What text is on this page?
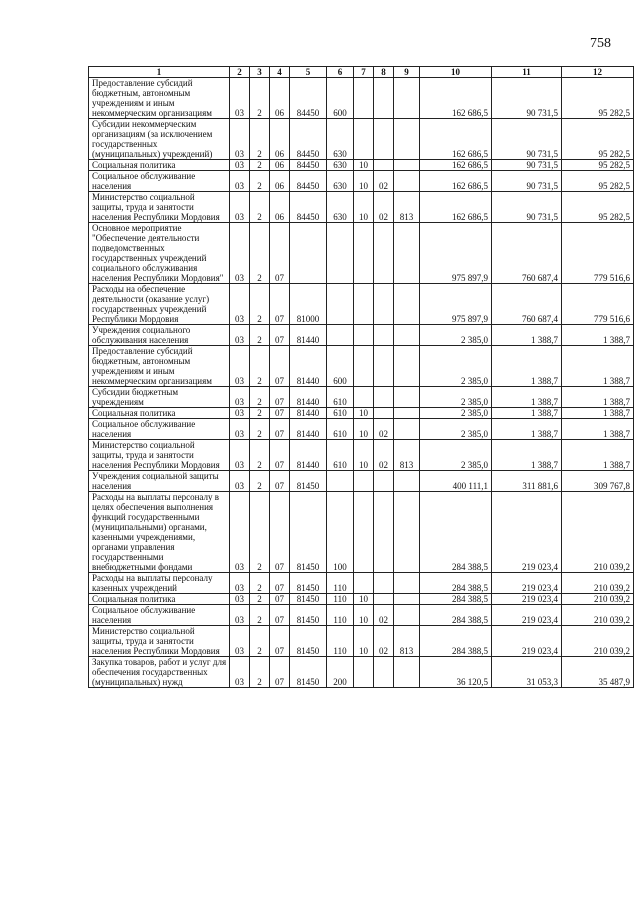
758
1	2	3	4	5	6	7	8	9	10	11	12
Предоставление субсидий бюджетным, автономным учреждениям и иным некоммерческим организациям	03	2	06	84450	600				162 686,5	90 731,5	95 282,5
Субсидии некоммерческим организациям (за исключением государственных (муниципальных) учреждений)	03	2	06	84450	630				162 686,5	90 731,5	95 282,5
Социальная политика	03	2	06	84450	630	10			162 686,5	90 731,5	95 282,5
Социальное обслуживание населения	03	2	06	84450	630	10	02		162 686,5	90 731,5	95 282,5
Министерство социальной защиты, труда и занятости населения Республики Мордовия	03	2	06	84450	630	10	02	813	162 686,5	90 731,5	95 282,5
Основное мероприятие "Обеспечение деятельности подведомственных государственных учреждений социального обслуживания населения Республики Мордовия"	03	2	07						975 897,9	760 687,4	779 516,6
Расходы на обеспечение деятельности (оказание услуг) государственных учреждений Республики Мордовия	03	2	07	81000					975 897,9	760 687,4	779 516,6
Учреждения социального обслуживания населения	03	2	07	81440					2 385,0	1 388,7	1 388,7
Предоставление субсидий бюджетным, автономным учреждениям и иным некоммерческим организациям	03	2	07	81440	600				2 385,0	1 388,7	1 388,7
Субсидии бюджетным учреждениям	03	2	07	81440	610				2 385,0	1 388,7	1 388,7
Социальная политика	03	2	07	81440	610	10			2 385,0	1 388,7	1 388,7
Социальное обслуживание населения	03	2	07	81440	610	10	02		2 385,0	1 388,7	1 388,7
Министерство социальной защиты, труда и занятости населения Республики Мордовия	03	2	07	81440	610	10	02	813	2 385,0	1 388,7	1 388,7
Учреждения социальной защиты населения	03	2	07	81450					400 111,1	311 881,6	309 767,8
Расходы на выплаты персоналу в целях обеспечения выполнения функций государственными (муниципальными) органами, казенными учреждениями, органами управления государственными внебюджетными фондами	03	2	07	81450	100				284 388,5	219 023,4	210 039,2
Расходы на выплаты персоналу казенных учреждений	03	2	07	81450	110				284 388,5	219 023,4	210 039,2
Социальная политика	03	2	07	81450	110	10			284 388,5	219 023,4	210 039,2
Социальное обслуживание населения	03	2	07	81450	110	10	02		284 388,5	219 023,4	210 039,2
Министерство социальной защиты, труда и занятости населения Республики Мордовия	03	2	07	81450	110	10	02	813	284 388,5	219 023,4	210 039,2
Закупка товаров, работ и услуг для обеспечения государственных (муниципальных) нужд	03	2	07	81450	200				36 120,5	31 053,3	35 487,9
